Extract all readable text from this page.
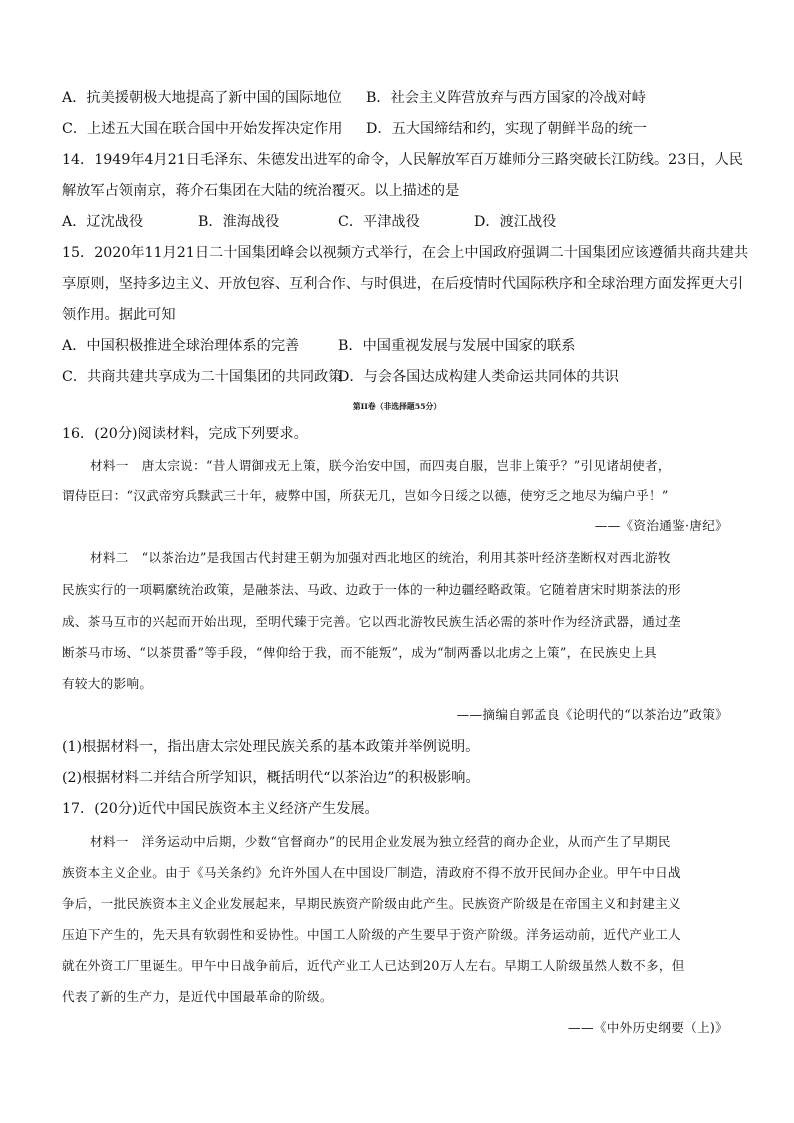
A．抗美援朝极大地提高了新中国的国际地位 B．社会主义阵营放弃与西方国家的冷战对峙
C．上述五大国在联合国中开始发挥决定作用 D．五大国缔结和约，实现了朝鲜半岛的统一
14．1949年4月21日毛泽东、朱德发出进军的命令，人民解放军百万雄师分三路突破长江防线。23日，人民
解放军占领南京，蒋介石集团在大陆的统治覆灭。以上描述的是
A．辽沈战役	B．淮海战役	C．平津战役	D．渡江战役
15．2020年11月21日二十国集团峰会以视频方式举行，在会上中国政府强调二十国集团应该遵循共商共建共
享原则，坚持多边主义、开放包容、互利合作、与时俱进，在后疫情时代国际秩序和全球治理方面发挥更大引
领作用。据此可知
A．中国积极推进全球治理体系的完善	B．中国重视发展与发展中国家的联系
C．共商共建共享成为二十国集团的共同政策
D．与会各国达成构建人类命运共同体的共识
第II卷（非选择题55分）
16．(20分)阅读材料，完成下列要求。
材料一　唐太宗说：“昔人谓御戎无上策，朕今治安中国，而四夷自服，岂非上策乎？”引见诸胡使者，
谓侍臣曰：“汉武帝穷兵黩武三十年，疲弊中国，所获无几，岂如今日绥之以德，使穷乏之地尽为编户乎！”
——《资治通鉴·唐纪》
材料二　“以茶治边”是我国古代封建王朝为加强对西北地区的统治，利用其茶叶经济垄断权对西北游牧
民族实行的一项羁縻统治政策，是融茶法、马政、边政于一体的一种边疆经略政策。它随着唐宋时期茶法的形
成、茶马互市的兴起而开始出现，至明代臻于完善。它以西北游牧民族生活必需的茶叶作为经济武器，通过垄
断茶马市场、“以茶贯番”等手段，“俾仰给于我，而不能叛”，成为“制两番以北虏之上策”，在民族史上具
有较大的影响。
——摘编自郭孟良《论明代的“以茶治边”政策》
(1)根据材料一，指出唐太宗处理民族关系的基本政策并举例说明。
(2)根据材料二并结合所学知识，概括明代“以茶治边”的积极影响。
17．(20分)近代中国民族资本主义经济产生发展。
材料一　洋务运动中后期，少数“官督商办”的民用企业发展为独立经营的商办企业，从而产生了早期民
族资本主义企业。由于《马关条约》允许外国人在中国设厂制造，清政府不得不放开民间办企业。甲午中日战
争后，一批民族资本主义企业发展起来，早期民族资产阶级由此产生。民族资产阶级是在帝国主义和封建主义
压迫下产生的，先天具有软弱性和妥协性。中国工人阶级的产生要早于资产阶级。洋务运动前，近代产业工人
就在外资工厂里诞生。甲午中日战争前后，近代产业工人已达到20万人左右。早期工人阶级虽然人数不多，但
代表了新的生产力，是近代中国最革命的阶级。
——《中外历史纲要（上)》
